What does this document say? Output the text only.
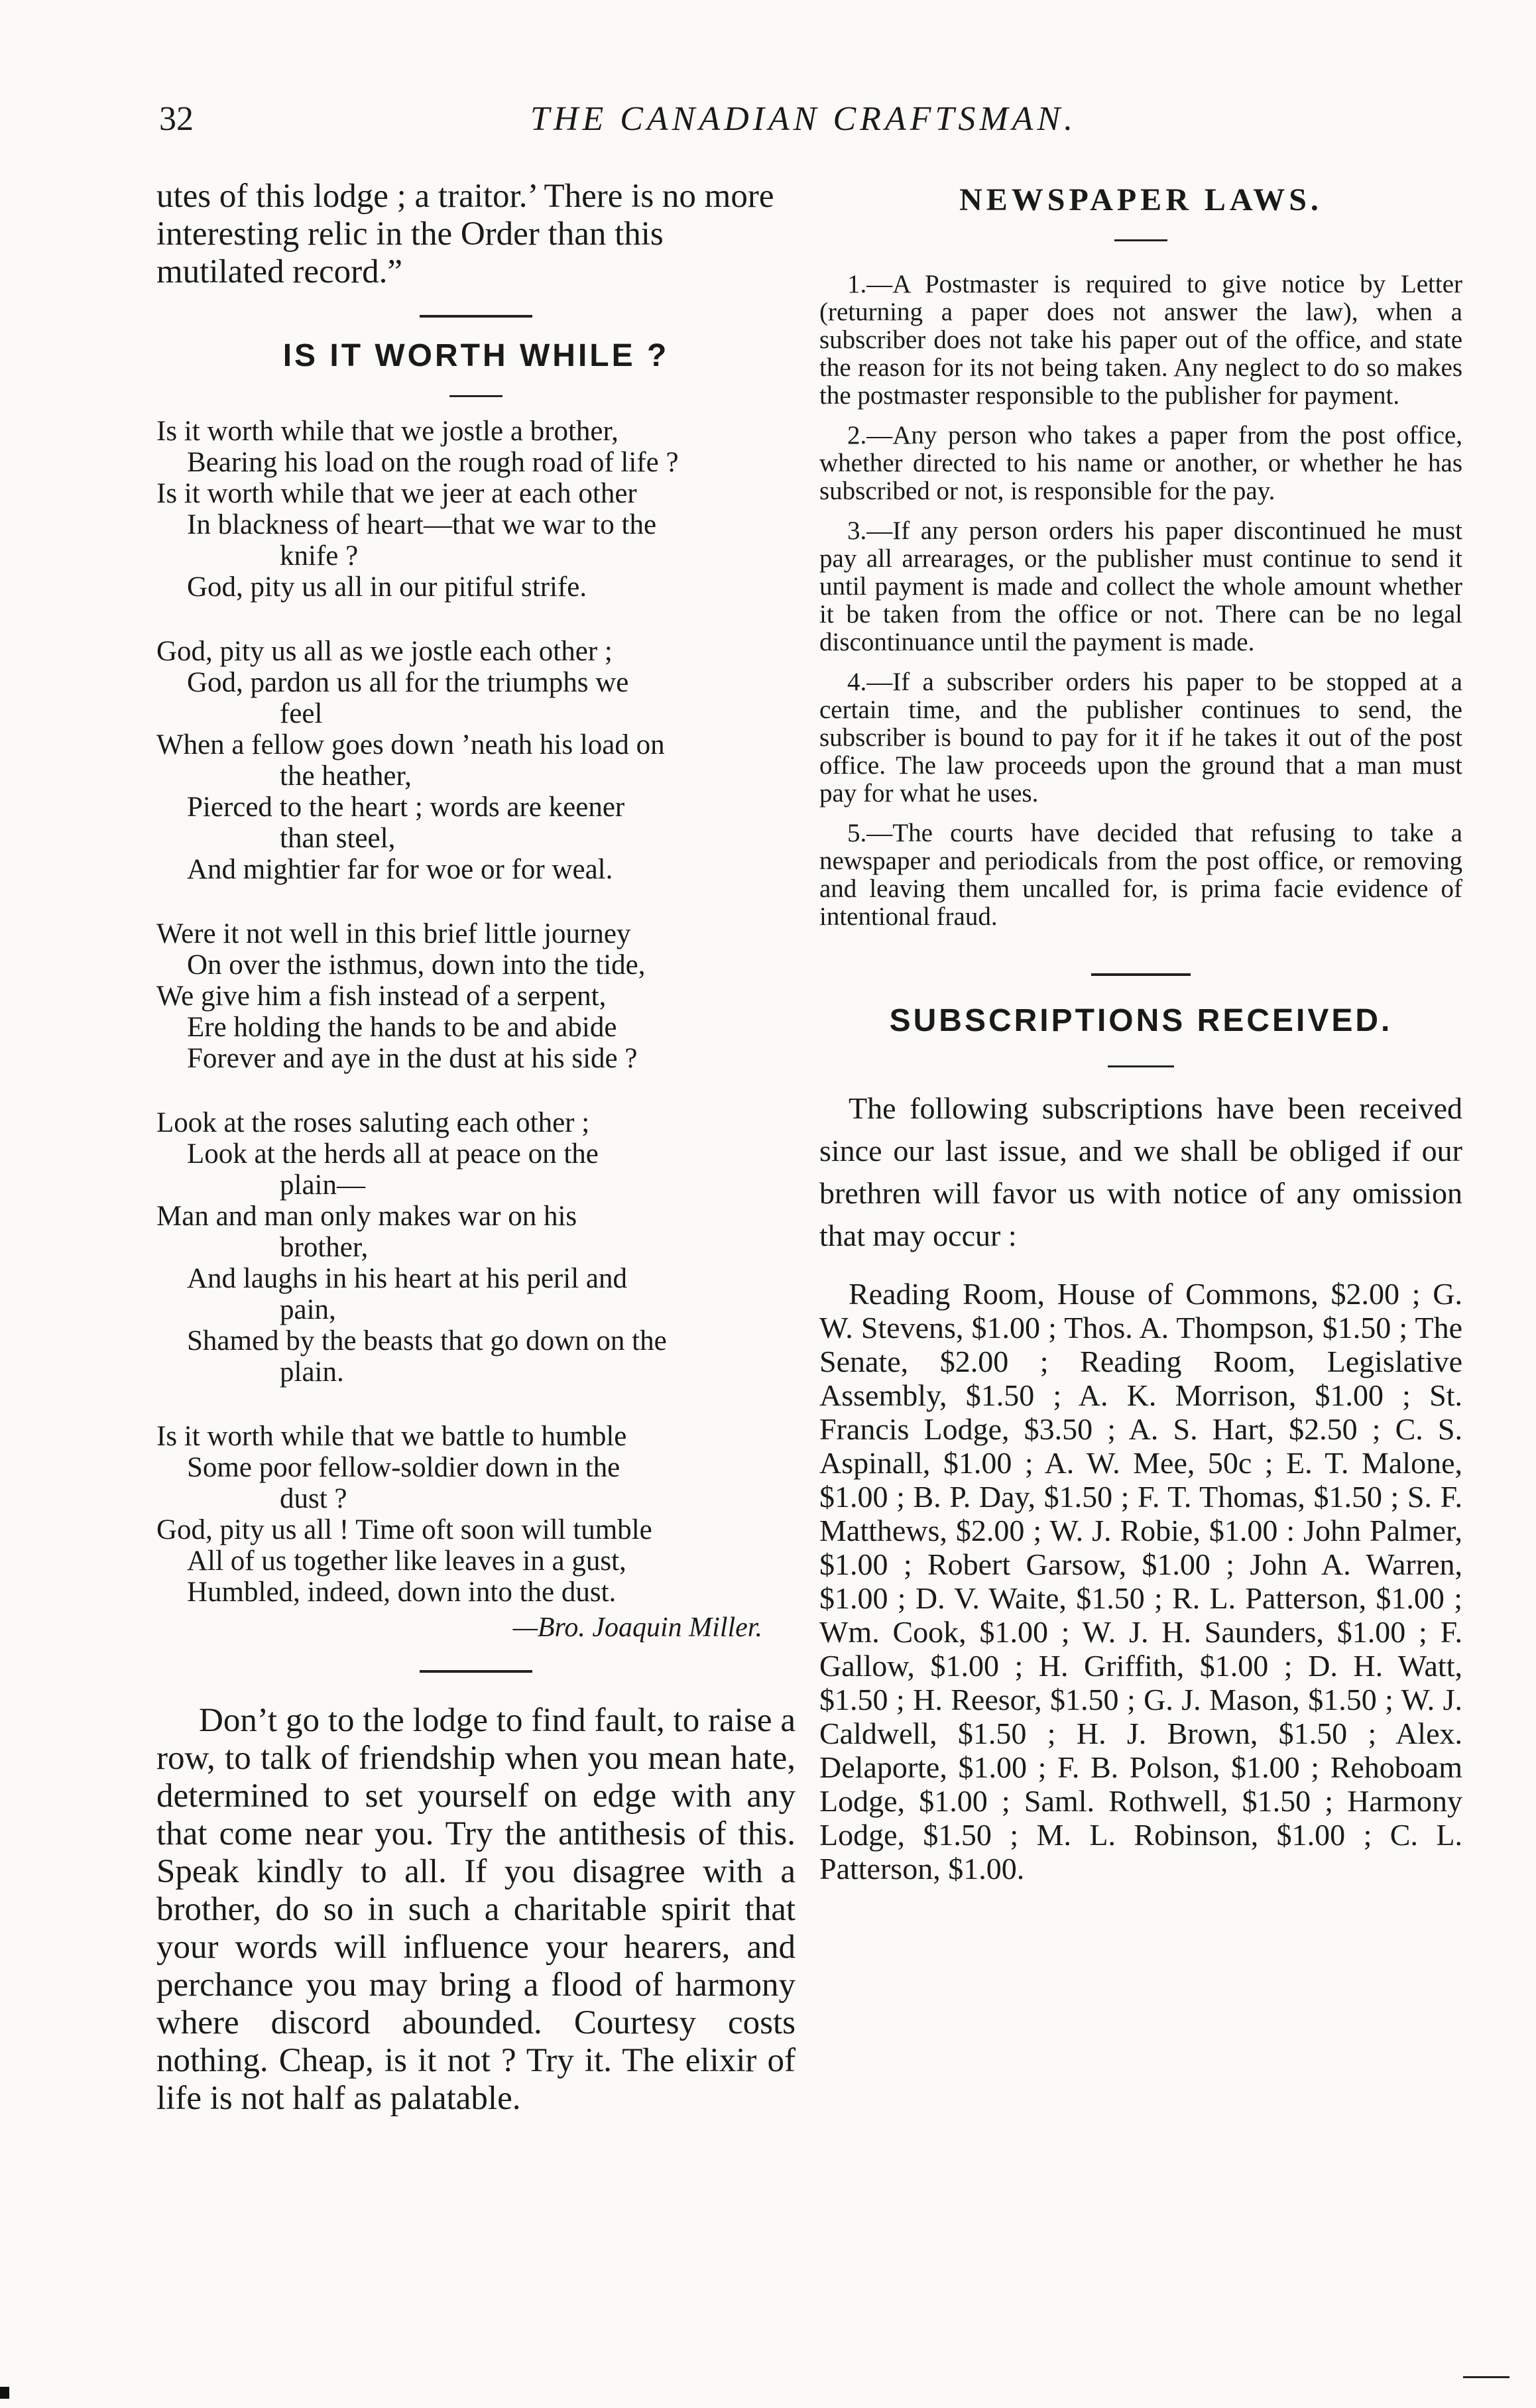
32	THE CANADIAN CRAFTSMAN.

utes of this lodge ; a traitor.’ There is no more interesting relic in the Order than this mutilated record.”

IS IT WORTH WHILE ?

Is it worth while that we jostle a brother,

Bearing his load on the rough road of life ?

Is it worth while that we jeer at each other

In blackness of heart—that we war to the

knife ?

God, pity us all in our pitiful strife.

God, pity us all as we jostle each other ;

God, pardon us all for the triumphs we

feel

When a fellow goes down ’neath his load on

the heather,

Pierced to the heart ; words are keener

than steel,

And mightier far for woe or for weal.

Were it not well in this brief little journey

On over the isthmus, down into the tide,

We give him a fish instead of a serpent,

Ere holding the hands to be and abide

Forever and aye in the dust at his side ?

Look at the roses saluting each other ;

Look at the herds all at peace on the

plain—

Man and man only makes war on his

brother,

And laughs in his heart at his peril and

pain,

Shamed by the beasts that go down on the

plain.

Is it worth while that we battle to humble

Some poor fellow-soldier down in the

dust ?

God, pity us all ! Time oft soon will tumble

All of us together like leaves in a gust,

Humbled, indeed, down into the dust.

—Bro. Joaquin Miller.

Don’t go to the lodge to find fault, to raise a row, to talk of friendship when you mean hate, determined to set yourself on edge with any that come near you. Try the antithesis of this. Speak kindly to all. If you disagree with a brother, do so in such a charitable spirit that your words will influence your hearers, and perchance you may bring a flood of harmony where discord abounded. Courtesy costs nothing. Cheap, is it not ? Try it. The elixir of life is not half as palatable.

NEWSPAPER LAWS.

1.—A Postmaster is required to give notice by Letter (returning a paper does not answer the law), when a subscriber does not take his paper out of the office, and state the reason for its not being taken. Any neglect to do so makes the postmaster responsible to the publisher for payment.

2.—Any person who takes a paper from the post office, whether directed to his name or another, or whether he has subscribed or not, is responsible for the pay.

3.—If any person orders his paper discontinued he must pay all arrearages, or the publisher must continue to send it until payment is made and collect the whole amount whether it be taken from the office or not. There can be no legal discontinuance until the payment is made.

4.—If a subscriber orders his paper to be stopped at a certain time, and the publisher continues to send, the subscriber is bound to pay for it if he takes it out of the post office. The law proceeds upon the ground that a man must pay for what he uses.

5.—The courts have decided that refusing to take a newspaper and periodicals from the post office, or removing and leaving them uncalled for, is prima facie evidence of intentional fraud.

SUBSCRIPTIONS RECEIVED.

The following subscriptions have been received since our last issue, and we shall be obliged if our brethren will favor us with notice of any omission that may occur :

Reading Room, House of Commons, $2.00 ; G. W. Stevens, $1.00 ; Thos. A. Thompson, $1.50 ; The Senate, $2.00 ; Reading Room, Legislative Assembly, $1.50 ; A. K. Morrison, $1.00 ; St. Francis Lodge, $3.50 ; A. S. Hart, $2.50 ; C. S. Aspinall, $1.00 ; A. W. Mee, 50c ; E. T. Malone, $1.00 ; B. P. Day, $1.50 ; F. T. Thomas, $1.50 ; S. F. Matthews, $2.00 ; W. J. Robie, $1.00 : John Palmer, $1.00 ; Robert Garsow, $1.00 ; John A. Warren, $1.00 ; D. V. Waite, $1.50 ; R. L. Patterson, $1.00 ; Wm. Cook, $1.00 ; W. J. H. Saunders, $1.00 ; F. Gallow, $1.00 ; H. Griffith, $1.00 ; D. H. Watt, $1.50 ; H. Reesor, $1.50 ; G. J. Mason, $1.50 ; W. J. Caldwell, $1.50 ; H. J. Brown, $1.50 ; Alex. Delaporte, $1.00 ; F. B. Polson, $1.00 ; Rehoboam Lodge, $1.00 ; Saml. Rothwell, $1.50 ; Harmony Lodge, $1.50 ; M. L. Robinson, $1.00 ; C. L. Patterson, $1.00.
